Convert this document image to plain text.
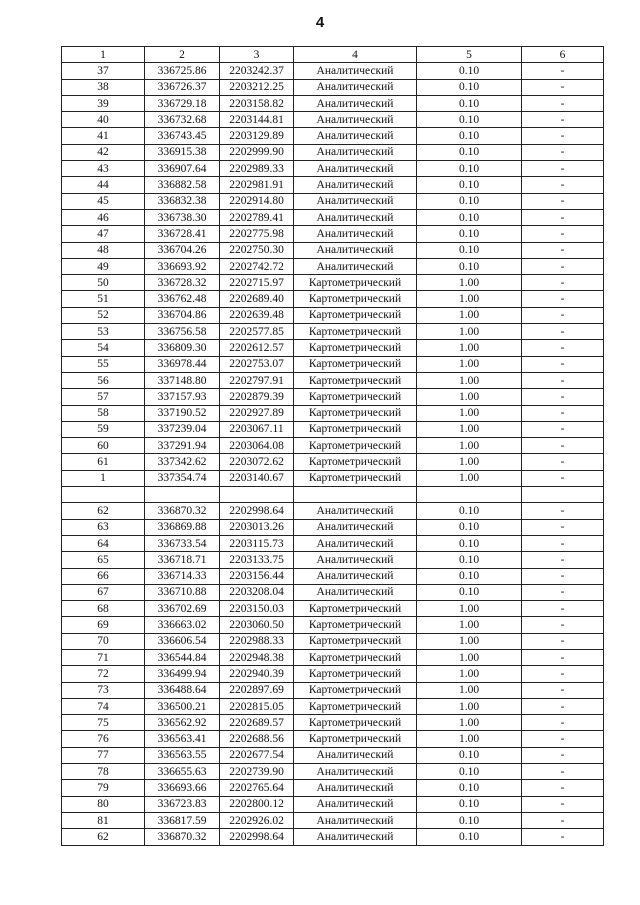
4
1	2	3	4	5	6
37	336725.86	2203242.37	Аналитический	0.10	-
38	336726.37	2203212.25	Аналитический	0.10	-
39	336729.18	2203158.82	Аналитический	0.10	-
40	336732.68	2203144.81	Аналитический	0.10	-
41	336743.45	2203129.89	Аналитический	0.10	-
42	336915.38	2202999.90	Аналитический	0.10	-
43	336907.64	2202989.33	Аналитический	0.10	-
44	336882.58	2202981.91	Аналитический	0.10	-
45	336832.38	2202914.80	Аналитический	0.10	-
46	336738.30	2202789.41	Аналитический	0.10	-
47	336728.41	2202775.98	Аналитический	0.10	-
48	336704.26	2202750.30	Аналитический	0.10	-
49	336693.92	2202742.72	Аналитический	0.10	-
50	336728.32	2202715.97	Картометрический	1.00	-
51	336762.48	2202689.40	Картометрический	1.00	-
52	336704.86	2202639.48	Картометрический	1.00	-
53	336756.58	2202577.85	Картометрический	1.00	-
54	336809.30	2202612.57	Картометрический	1.00	-
55	336978.44	2202753.07	Картометрический	1.00	-
56	337148.80	2202797.91	Картометрический	1.00	-
57	337157.93	2202879.39	Картометрический	1.00	-
58	337190.52	2202927.89	Картометрический	1.00	-
59	337239.04	2203067.11	Картометрический	1.00	-
60	337291.94	2203064.08	Картометрический	1.00	-
61	337342.62	2203072.62	Картометрический	1.00	-
1	337354.74	2203140.67	Картометрический	1.00	-

62	336870.32	2202998.64	Аналитический	0.10	-
63	336869.88	2203013.26	Аналитический	0.10	-
64	336733.54	2203115.73	Аналитический	0.10	-
65	336718.71	2203133.75	Аналитический	0.10	-
66	336714.33	2203156.44	Аналитический	0.10	-
67	336710.88	2203208.04	Аналитический	0.10	-
68	336702.69	2203150.03	Картометрический	1.00	-
69	336663.02	2203060.50	Картометрический	1.00	-
70	336606.54	2202988.33	Картометрический	1.00	-
71	336544.84	2202948.38	Картометрический	1.00	-
72	336499.94	2202940.39	Картометрический	1.00	-
73	336488.64	2202897.69	Картометрический	1.00	-
74	336500.21	2202815.05	Картометрический	1.00	-
75	336562.92	2202689.57	Картометрический	1.00	-
76	336563.41	2202688.56	Картометрический	1.00	-
77	336563.55	2202677.54	Аналитический	0.10	-
78	336655.63	2202739.90	Аналитический	0.10	-
79	336693.66	2202765.64	Аналитический	0.10	-
80	336723.83	2202800.12	Аналитический	0.10	-
81	336817.59	2202926.02	Аналитический	0.10	-
62	336870.32	2202998.64	Аналитический	0.10	-
